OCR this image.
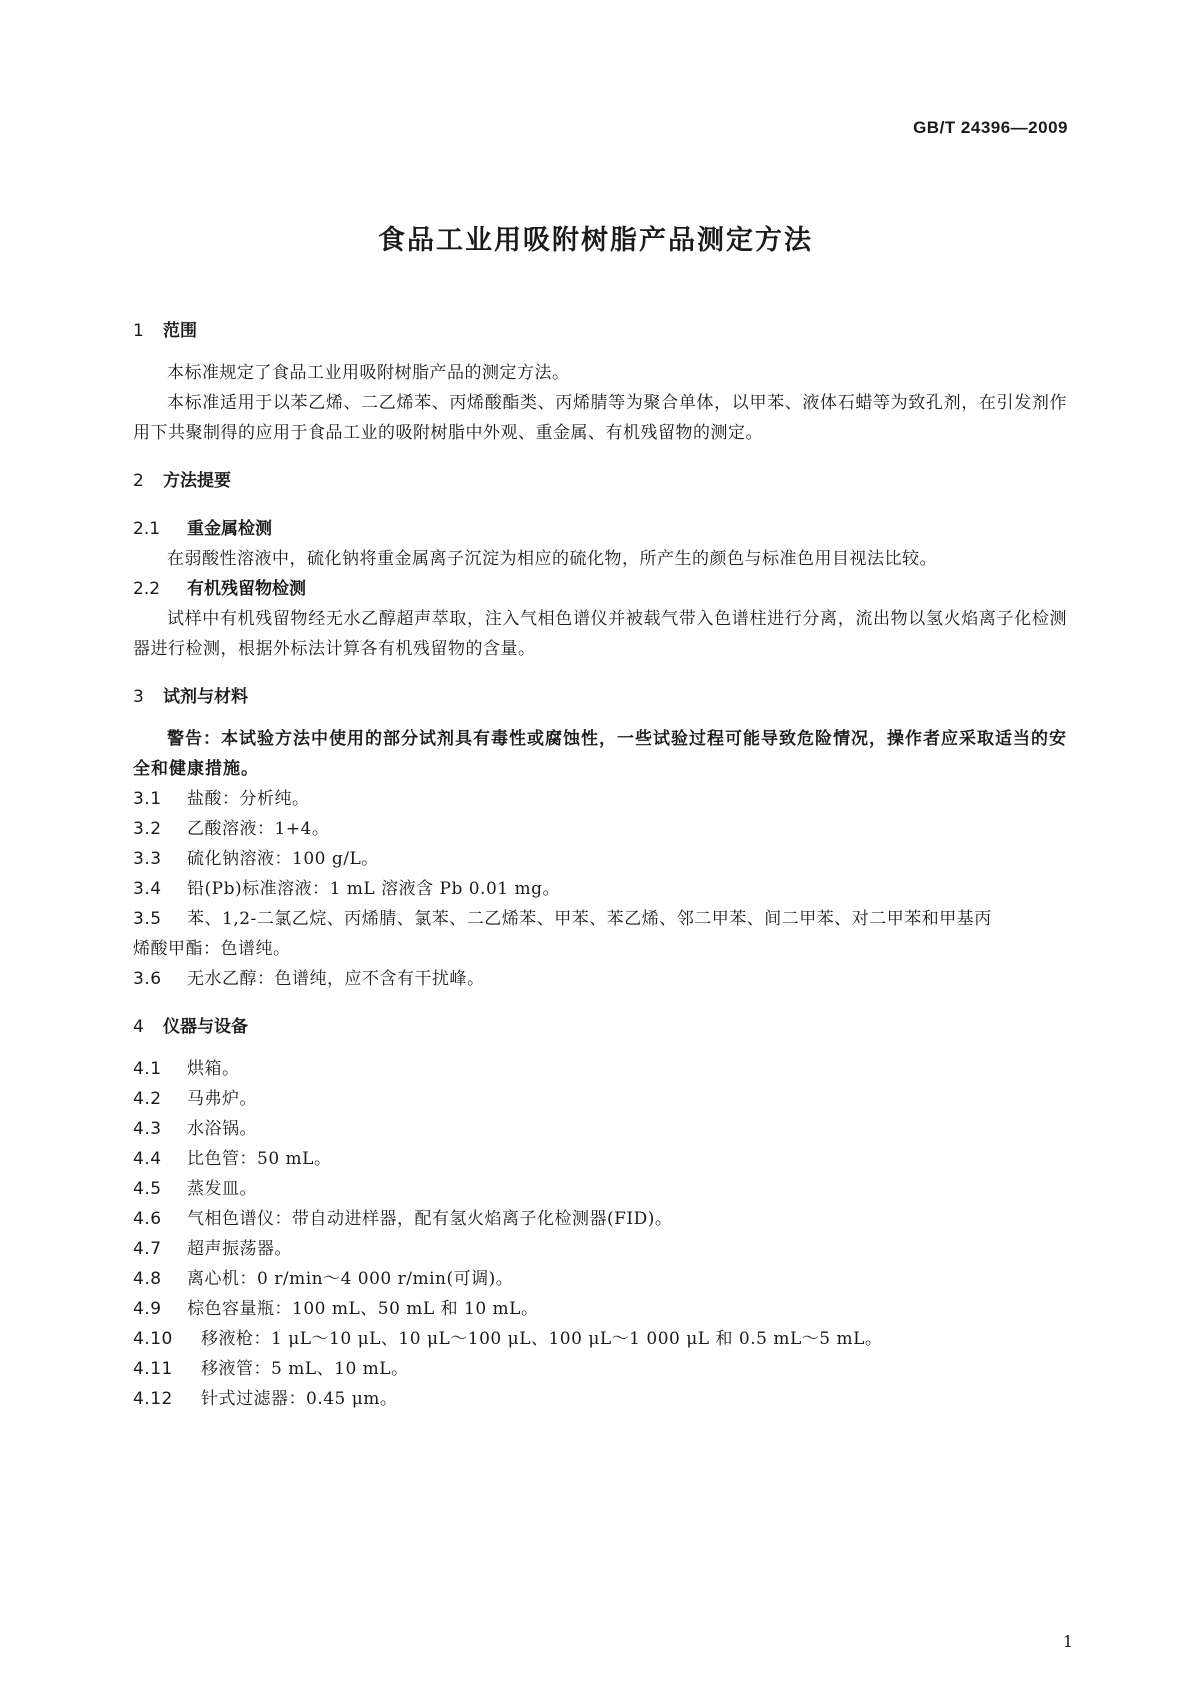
GB/T 24396—2009
食品工业用吸附树脂产品测定方法
1 范围

本标准规定了食品工业用吸附树脂产品的测定方法。

本标准适用于以苯乙烯、二乙烯苯、丙烯酸酯类、丙烯腈等为聚合单体，以甲苯、液体石蜡等为致孔剂，在引发剂作用下共聚制得的应用于食品工业的吸附树脂中外观、重金属、有机残留物的测定。

2 方法提要
2.1 重金属检测

在弱酸性溶液中，硫化钠将重金属离子沉淀为相应的硫化物，所产生的颜色与标准色用目视法比较。

2.2 有机残留物检测

试样中有机残留物经无水乙醇超声萃取，注入气相色谱仪并被载气带入色谱柱进行分离，流出物以氢火焰离子化检测器进行检测，根据外标法计算各有机残留物的含量。

3 试剂与材料

警告：本试验方法中使用的部分试剂具有毒性或腐蚀性，一些试验过程可能导致危险情况，操作者应采取适当的安全和健康措施。

3.1 盐酸：分析纯。

3.2 乙酸溶液：1+4。

3.3 硫化钠溶液：100 g/L。

3.4 铅(Pb)标准溶液：1 mL 溶液含 Pb 0.01 mg。

3.5 苯、1,2-二氯乙烷、丙烯腈、氯苯、二乙烯苯、甲苯、苯乙烯、邻二甲苯、间二甲苯、对二甲苯和甲基丙

烯酸甲酯：色谱纯。

3.6 无水乙醇：色谱纯，应不含有干扰峰。

4 仪器与设备

4.1 烘箱。

4.2 马弗炉。

4.3 水浴锅。

4.4 比色管：50 mL。

4.5 蒸发皿。

4.6 气相色谱仪：带自动进样器，配有氢火焰离子化检测器(FID)。

4.7 超声振荡器。

4.8 离心机：0 r/min～4 000 r/min(可调)。

4.9 棕色容量瓶：100 mL、50 mL 和 10 mL。

4.10 移液枪：1 μL～10 μL、10 μL～100 μL、100 μL～1 000 μL 和 0.5 mL～5 mL。

4.11 移液管：5 mL、10 mL。

4.12 针式过滤器：0.45 μm。

1
